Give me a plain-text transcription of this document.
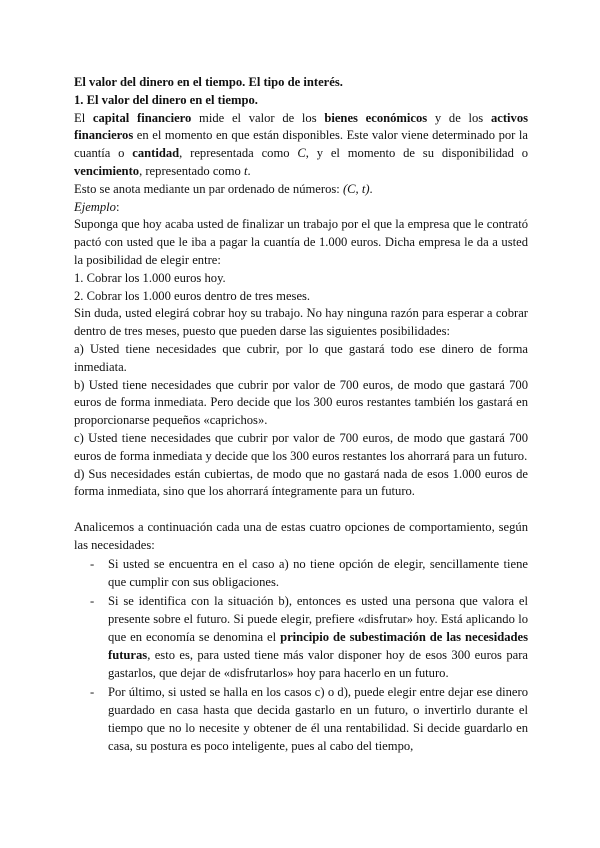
El valor del dinero en el tiempo. El tipo de interés.
1. El valor del dinero en el tiempo.

El capital financiero mide el valor de los bienes económicos y de los activos financieros en el momento en que están disponibles. Este valor viene determinado por la cuantía o cantidad, representada como C, y el momento de su disponibilidad o vencimiento, representado como t.

Esto se anota mediante un par ordenado de números: (C, t).

Ejemplo:

Suponga que hoy acaba usted de finalizar un trabajo por el que la empresa que le contrató pactó con usted que le iba a pagar la cuantía de 1.000 euros. Dicha empresa le da a usted la posibilidad de elegir entre:

1. Cobrar los 1.000 euros hoy.

2. Cobrar los 1.000 euros dentro de tres meses.

Sin duda, usted elegirá cobrar hoy su trabajo. No hay ninguna razón para esperar a cobrar dentro de tres meses, puesto que pueden darse las siguientes posibilidades:

a) Usted tiene necesidades que cubrir, por lo que gastará todo ese dinero de forma inmediata.

b) Usted tiene necesidades que cubrir por valor de 700 euros, de modo que gastará 700 euros de forma inmediata. Pero decide que los 300 euros restantes también los gastará en proporcionarse pequeños «caprichos».

c) Usted tiene necesidades que cubrir por valor de 700 euros, de modo que gastará 700 euros de forma inmediata y decide que los 300 euros restantes los ahorrará para un futuro.

d) Sus necesidades están cubiertas, de modo que no gastará nada de esos 1.000 euros de forma inmediata, sino que los ahorrará íntegramente para un futuro.

Analicemos a continuación cada una de estas cuatro opciones de comportamiento, según las necesidades:

- Si usted se encuentra en el caso a) no tiene opción de elegir, sencillamente tiene que cumplir con sus obligaciones.
- Si se identifica con la situación b), entonces es usted una persona que valora el presente sobre el futuro. Si puede elegir, prefiere «disfrutar» hoy. Está aplicando lo que en economía se denomina el principio de subestimación de las necesidades futuras, esto es, para usted tiene más valor disponer hoy de esos 300 euros para gastarlos, que dejar de «disfrutarlos» hoy para hacerlo en un futuro.
- Por último, si usted se halla en los casos c) o d), puede elegir entre dejar ese dinero guardado en casa hasta que decida gastarlo en un futuro, o invertirlo durante el tiempo que no lo necesite y obtener de él una rentabilidad. Si decide guardarlo en casa, su postura es poco inteligente, pues al cabo del tiempo,
